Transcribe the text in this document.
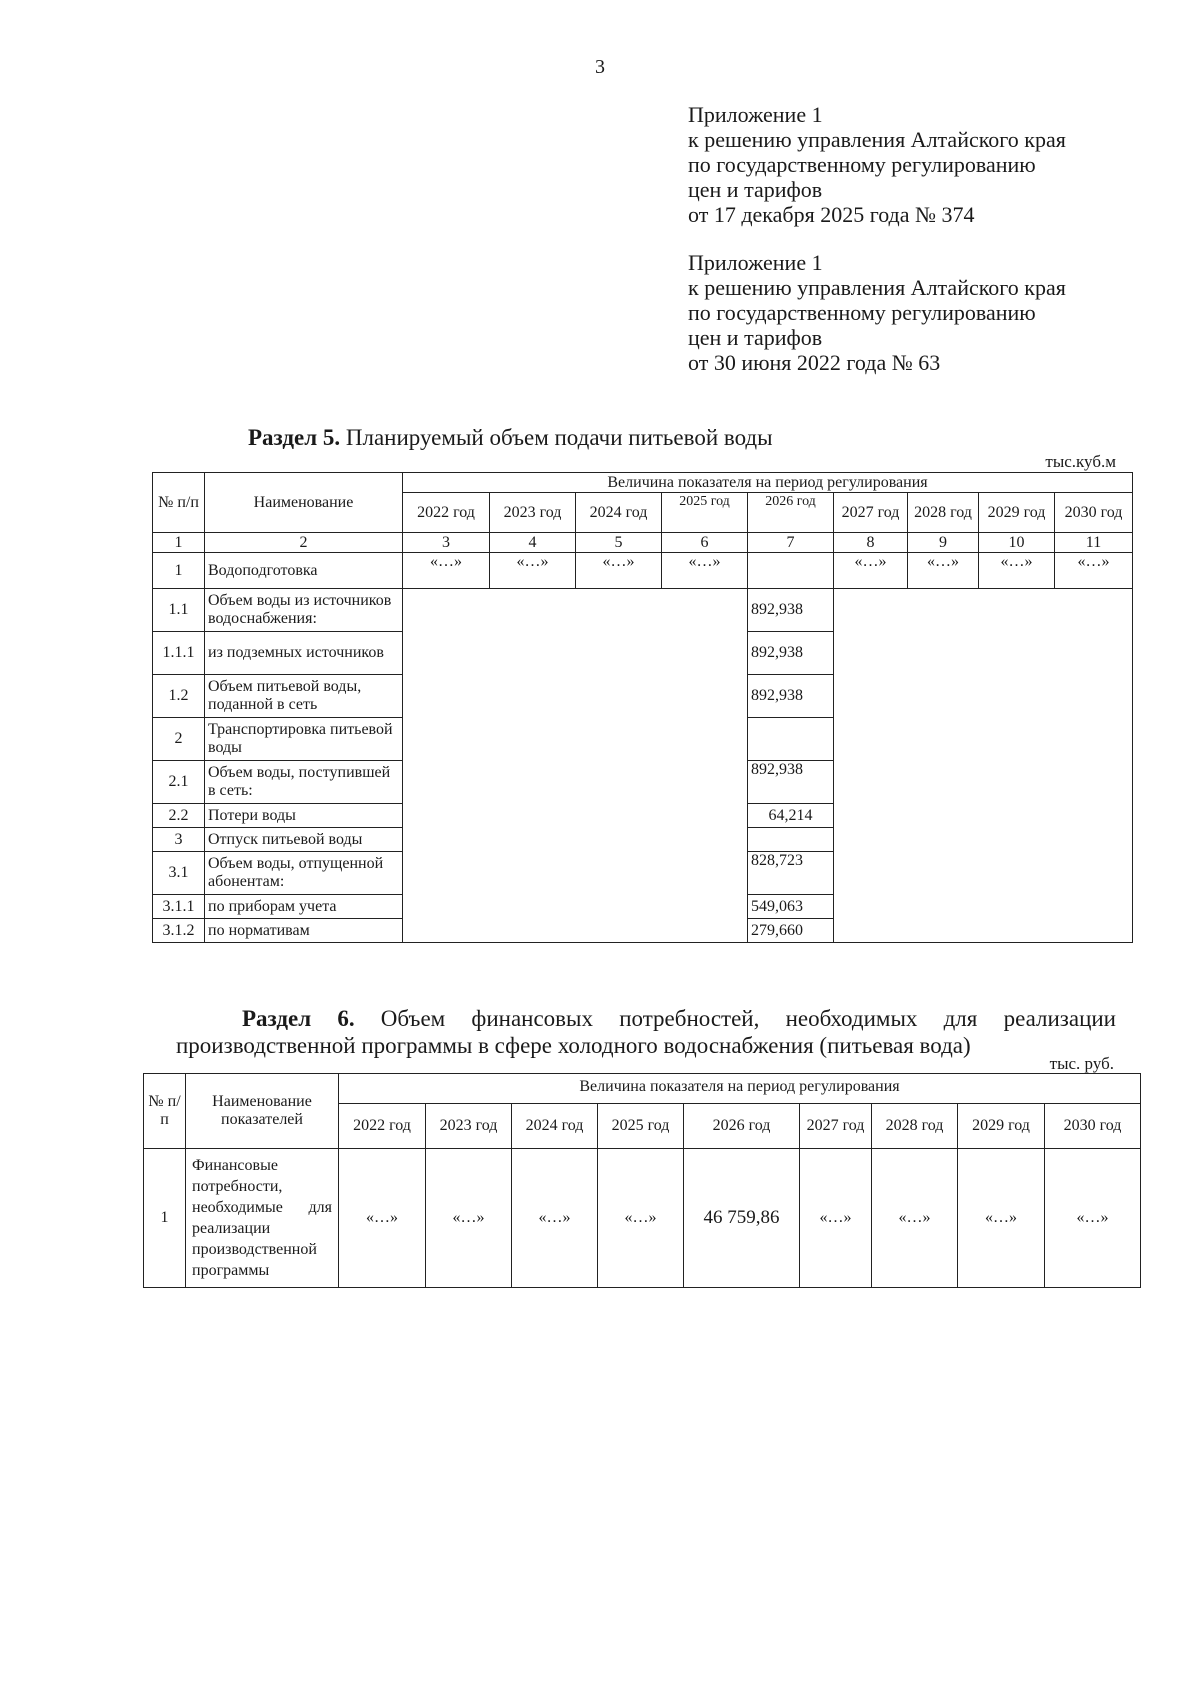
3
Приложение 1
к решению управления Алтайского края
по государственному регулированию
цен и тарифов
от 17 декабря 2025 года № 374
Приложение 1
к решению управления Алтайского края
по государственному регулированию
цен и тарифов
от 30 июня 2022 года № 63
Раздел 5. Планируемый объем подачи питьевой воды
тыс.куб.м
№ п/п	Наименование	Величина показателя на период регулирования								
		2022 год	2023 год	2024 год	2025 год	2026 год	2027 год	2028 год	2029 год	2030 год
1	2	3	4	5	6	7	8	9	10	11
1	Водоподготовка	«…»	«…»	«…»	«…»		«…»	«…»	«…»	«…»
1.1	Объем воды из источников водоснабжения:					892,938				
1.1.1	из подземных источников					892,938				
1.2	Объем питьевой воды, поданной в сеть					892,938				
2	Транспортировка питьевой воды									
2.1	Объем воды, поступившей в сеть:					892,938				
2.2	Потери воды					64,214				
3	Отпуск питьевой воды									
3.1	Объем воды, отпущенной абонентам:					828,723				
3.1.1	по приборам учета					549,063				
3.1.2	по нормативам					279,660				
Раздел 6. Объем финансовых потребностей, необходимых для реализации производственной программы в сфере холодного водоснабжения (питьевая вода)
тыс. руб.
№ п/ п	Наименование показателей	Величина показателя на период регулирования								
		2022 год	2023 год	2024 год	2025 год	2026 год	2027 год	2028 год	2029 год	2030 год
1	Финансовые потребности, необходимые для реализации производственной программы	«…»	«…»	«…»	«…»	46 759,86	«…»	«…»	«…»	«…»
